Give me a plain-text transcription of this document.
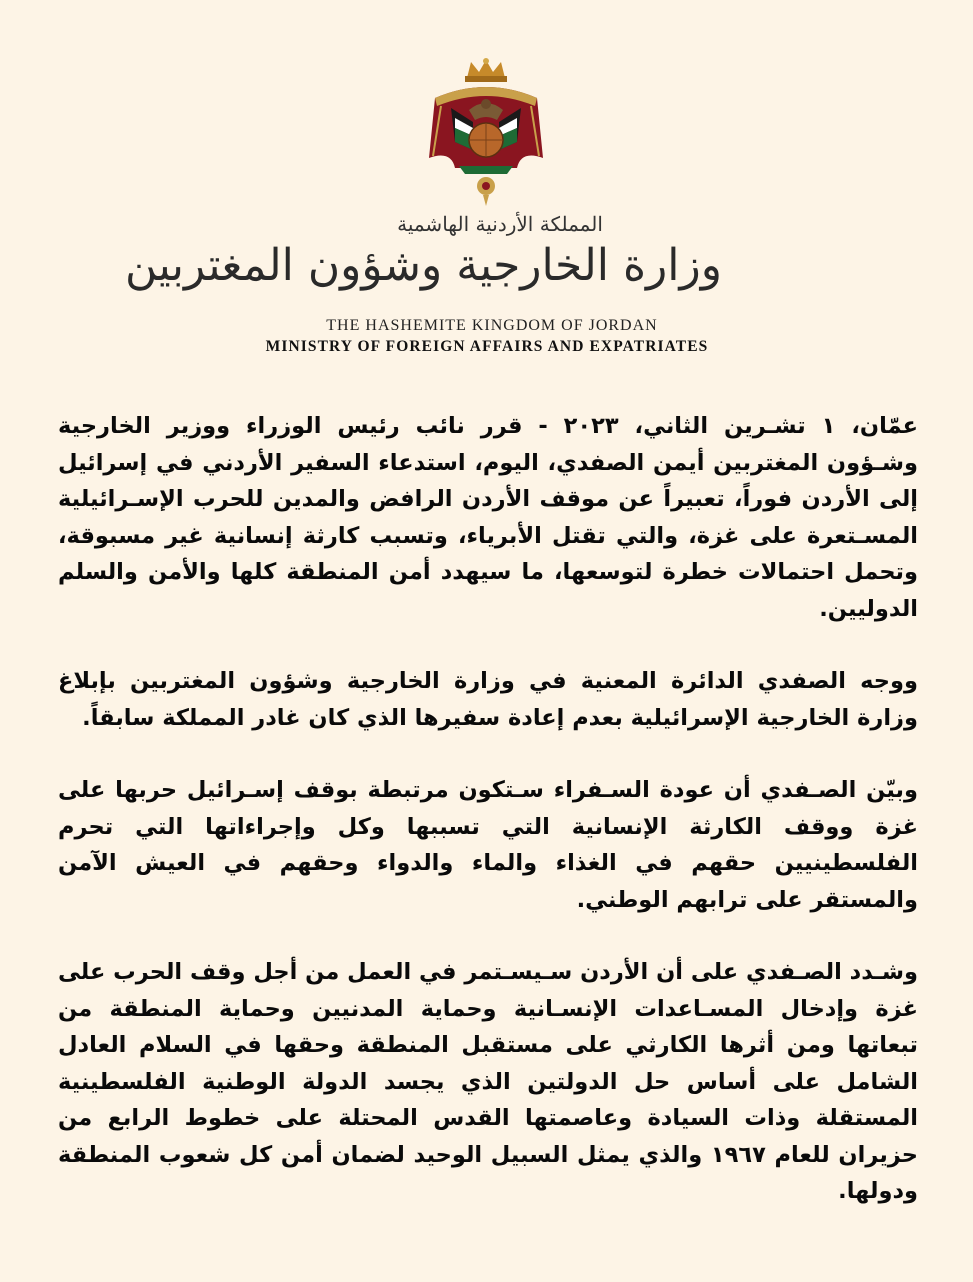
المملكة الأردنية الهاشمية
وزارة الخارجية وشؤون المغتربين
THE HASHEMITE KINGDOM OF JORDAN
MINISTRY OF FOREIGN AFFAIRS AND EXPATRIATES

عمّان، ١ تشـرين الثاني، ٢٠٢٣ - قرر نائب رئيس الوزراء ووزير الخارجية وشـؤون المغتربين أيمن الصفدي، اليوم، استدعاء السفير الأردني في إسرائيل إلى الأردن فوراً، تعبيراً عن موقف الأردن الرافض والمدين للحرب الإسـرائيلية المسـتعرة على غزة، والتي تقتل الأبرياء، وتسبب كارثة إنسانية غير مسبوقة، وتحمل احتمالات خطرة لتوسعها، ما سيهدد أمن المنطقة كلها والأمن والسلم الدوليين.

ووجه الصفدي الدائرة المعنية في وزارة الخارجية وشؤون المغتربين بإبلاغ وزارة الخارجية الإسرائيلية بعدم إعادة سفيرها الذي كان غادر المملكة سابقاً.

وبيّن الصـفدي أن عودة السـفراء سـتكون مرتبطة بوقف إسـرائيل حربها على غزة ووقف الكارثة الإنسانية التي تسببها وكل وإجراءاتها التي تحرم الفلسطينيين حقهم في الغذاء والماء والدواء وحقهم في العيش الآمن والمستقر على ترابهم الوطني.

وشـدد الصـفدي على أن الأردن سـيسـتمر في العمل من أجل وقف الحرب على غزة وإدخال المسـاعدات الإنسـانية وحماية المدنيين وحماية المنطقة من تبعاتها ومن أثرها الكارثي على مستقبل المنطقة وحقها في السلام العادل الشامل على أساس حل الدولتين الذي يجسد الدولة الوطنية الفلسطينية المستقلة وذات السيادة وعاصمتها القدس المحتلة على خطوط الرابع من حزيران للعام ١٩٦٧ والذي يمثل السبيل الوحيد لضمان أمن كل شعوب المنطقة ودولها.
